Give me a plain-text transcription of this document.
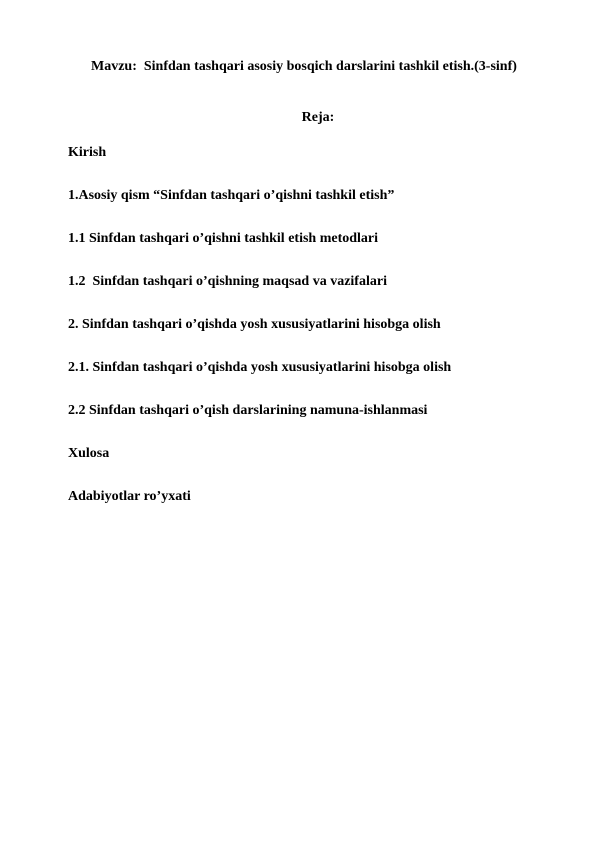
Mavzu:  Sinfdan tashqari asosiy bosqich darslarini tashkil etish.(3-sinf)
Reja:
Kirish
1.Asosiy qism “Sinfdan tashqari o’qishni tashkil etish”
1.1 Sinfdan tashqari o’qishni tashkil etish metodlari
1.2  Sinfdan tashqari o’qishning maqsad va vazifalari
2. Sinfdan tashqari o’qishda yosh xususiyatlarini hisobga olish
2.1. Sinfdan tashqari o’qishda yosh xususiyatlarini hisobga olish
2.2 Sinfdan tashqari o’qish darslarining namuna-ishlanmasi
Xulosa
Adabiyotlar ro’yxati
